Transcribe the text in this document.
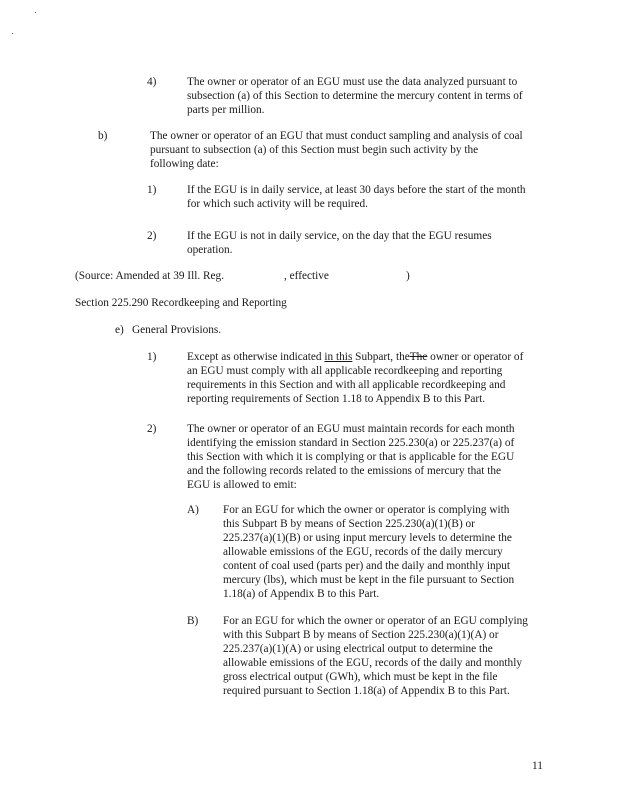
4)	The owner or operator of an EGU must use the data analyzed pursuant to
subsection (a) of this Section to determine the mercury content in terms of
parts per million.
b)	The owner or operator of an EGU that must conduct sampling and analysis of coal
pursuant to subsection (a) of this Section must begin such activity by the
following date:
1)	If the EGU is in daily service, at least 30 days before the start of the month
for which such activity will be required.
2)	If the EGU is not in daily service, on the day that the EGU resumes
operation.
an EGU must comply with all applicable recordkeeping and reporting
requirements in this Section and with all applicable recordkeeping and
reporting requirements of Section 1.18 to Appendix B to this Part.
2)	The owner or operator of an EGU must maintain records for each month
identifying the emission standard in Section 225.230(a) or 225.237(a) of
this Section with which it is complying or that is applicable for the EGU
and the following records related to the emissions of mercury that the
EGU is allowed to emit:
A) For an EGU for which the owner or operator is complying with
this Subpart B by means of Section 225.230(a)(1)(B) or
225.237(a)(1)(B) or using input mercury levels to determine the
allowable emissions of the EGU, records of the daily mercury
content of coal used (parts per) and the daily and monthly input
mercury (lbs), which must be kept in the file pursuant to Section
1.18(a) of Appendix B to this Part.
B) For an EGU for which the owner or operator of an EGU complying
with this Subpart B by means of Section 225.230(a)(1)(A) or
225.237(a)(1)(A) or using electrical output to determine the
allowable emissions of the EGU, records of the daily and monthly
gross electrical output (GWh), which must be kept in the file
required pursuant to Section 1.18(a) of Appendix B to this Part.
(Source: Amended at 39 Ill. Reg.	, effective	)
Section 225.290 Recordkeeping and Reporting
e) General Provisions.
1)	Except as otherwise indicated in this Subpart, theThe owner or operator of
11
